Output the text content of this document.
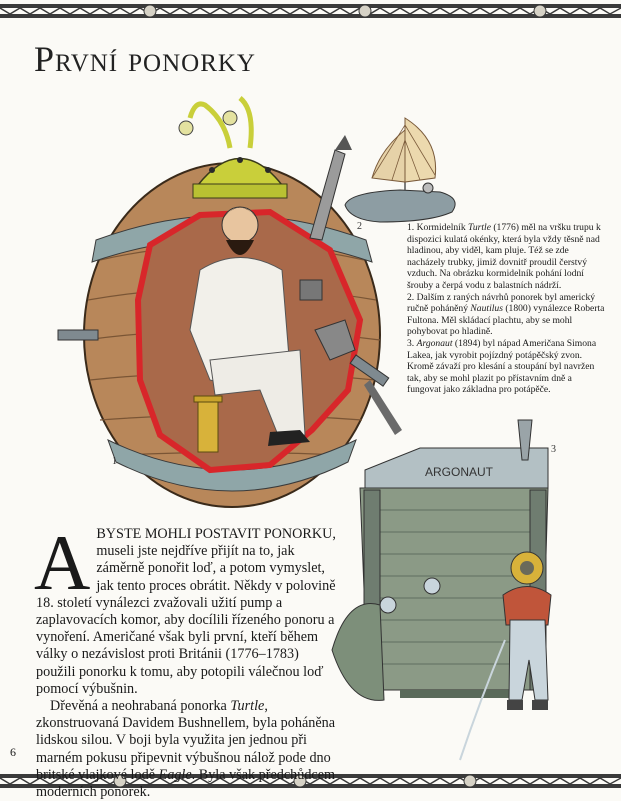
První ponorky
ARGONAUT
1
2
3

1. Kormidelník Turtle (1776) měl na vršku trupu k dispozici kulatá okénky, která byla vždy těsně nad hladinou, aby viděl, kam pluje. Též se zde nacházely trubky, jimiž dovnitř proudil čerstvý vzduch. Na obrázku kormidelník pohání lodní šrouby a čerpá vodu z balastních nádrží.

2. Dalším z raných návrhů ponorek byl americký ručně poháněný Nautilus (1800) vynálezce Roberta Fultona. Měl skládací plachtu, aby se mohl pohybovat po hladině.

3. Argonaut (1894) byl nápad Američana Simona Lakea, jak vyrobit pojízdný potápěčský zvon. Kromě závaží pro klesání a stoupání byl navržen tak, aby se mohl plazit po přístavním dně a fungovat jako základna pro potápěče.

ABYSTE MOHLI POSTAVIT PONORKU, museli jste nejdříve přijít na to, jak záměrně ponořit loď, a potom vymyslet, jak tento proces obrátit. Někdy v polovině 18. století vynálezci zvažovali užití pump a zaplavovacích komor, aby docílili řízeného ponoru a vynoření. Američané však byli první, kteří během války o nezávislost proti Británii (1776–1783) použili ponorku k tomu, aby potopili válečnou loď pomocí výbušnin.

Dřevěná a neohrabaná ponorka Turtle, zkonstruovaná Davidem Bushnellem, byla poháněna lidskou silou. V boji byla využita jen jednou při marném pokusu připevnit výbušnou nálož pode dno britské vlajkové lodě Eagle. Byla však předchůdcem moderních ponorek.

6
